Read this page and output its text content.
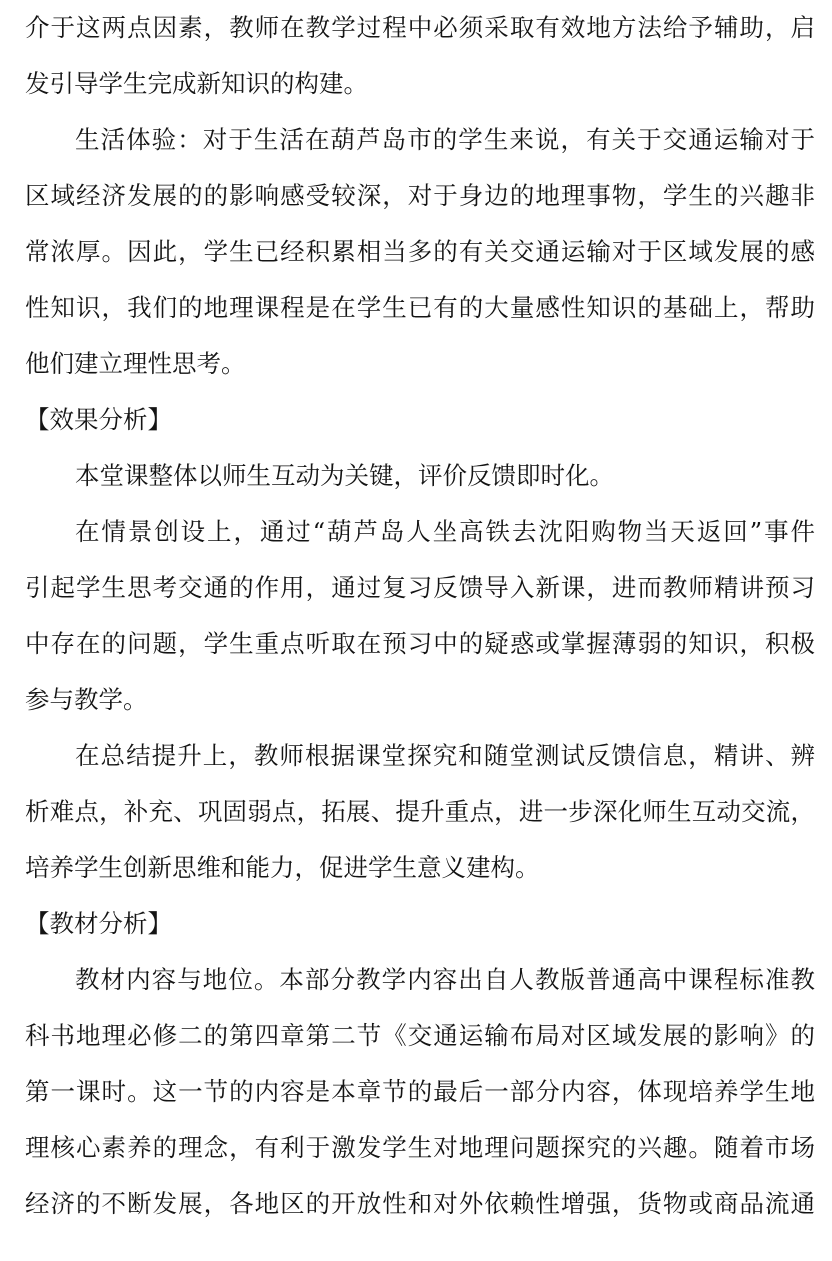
介于这两点因素，教师在教学过程中必须采取有效地方法给予辅助，启
发引导学生完成新知识的构建。
生活体验：对于生活在葫芦岛市的学生来说，有关于交通运输对于
区域经济发展的的影响感受较深，对于身边的地理事物，学生的兴趣非
常浓厚。因此，学生已经积累相当多的有关交通运输对于区域发展的感
性知识，我们的地理课程是在学生已有的大量感性知识的基础上，帮助
他们建立理性思考。
【效果分析】
本堂课整体以师生互动为关键，评价反馈即时化。
在情景创设上，通过“葫芦岛人坐高铁去沈阳购物当天返回”事件
引起学生思考交通的作用，通过复习反馈导入新课，进而教师精讲预习
中存在的问题，学生重点听取在预习中的疑惑或掌握薄弱的知识，积极
参与教学。
在总结提升上，教师根据课堂探究和随堂测试反馈信息，精讲、辨
析难点，补充、巩固弱点，拓展、提升重点，进一步深化师生互动交流，
培养学生创新思维和能力，促进学生意义建构。
【教材分析】
教材内容与地位。本部分教学内容出自人教版普通高中课程标准教
科书地理必修二的第四章第二节《交通运输布局对区域发展的影响》的
第一课时。这一节的内容是本章节的最后一部分内容，体现培养学生地
理核心素养的理念，有利于激发学生对地理问题探究的兴趣。随着市场
经济的不断发展，各地区的开放性和对外依赖性增强，货物或商品流通
